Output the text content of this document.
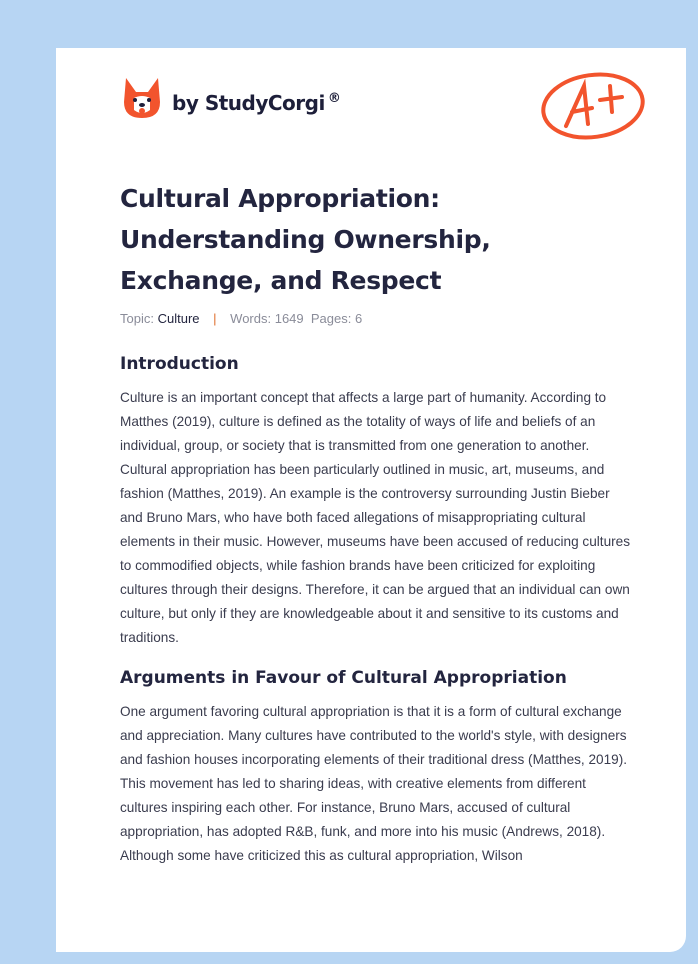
by StudyCorgi ®
Cultural Appropriation: Understanding Ownership, Exchange, and Respect
Topic: Culture | Words: 1649 Pages: 6
Introduction

Culture is an important concept that affects a large part of humanity. According to Matthes (2019), culture is defined as the totality of ways of life and beliefs of an individual, group, or society that is transmitted from one generation to another. Cultural appropriation has been particularly outlined in music, art, museums, and fashion (Matthes, 2019). An example is the controversy surrounding Justin Bieber and Bruno Mars, who have both faced allegations of misappropriating cultural elements in their music. However, museums have been accused of reducing cultures to commodified objects, while fashion brands have been criticized for exploiting cultures through their designs. Therefore, it can be argued that an individual can own culture, but only if they are knowledgeable about it and sensitive to its customs and traditions.

Arguments in Favour of Cultural Appropriation

One argument favoring cultural appropriation is that it is a form of cultural exchange and appreciation. Many cultures have contributed to the world's style, with designers and fashion houses incorporating elements of their traditional dress (Matthes, 2019). This movement has led to sharing ideas, with creative elements from different cultures inspiring each other. For instance, Bruno Mars, accused of cultural appropriation, has adopted R&B, funk, and more into his music (Andrews, 2018). Although some have criticized this as cultural appropriation, Wilson
